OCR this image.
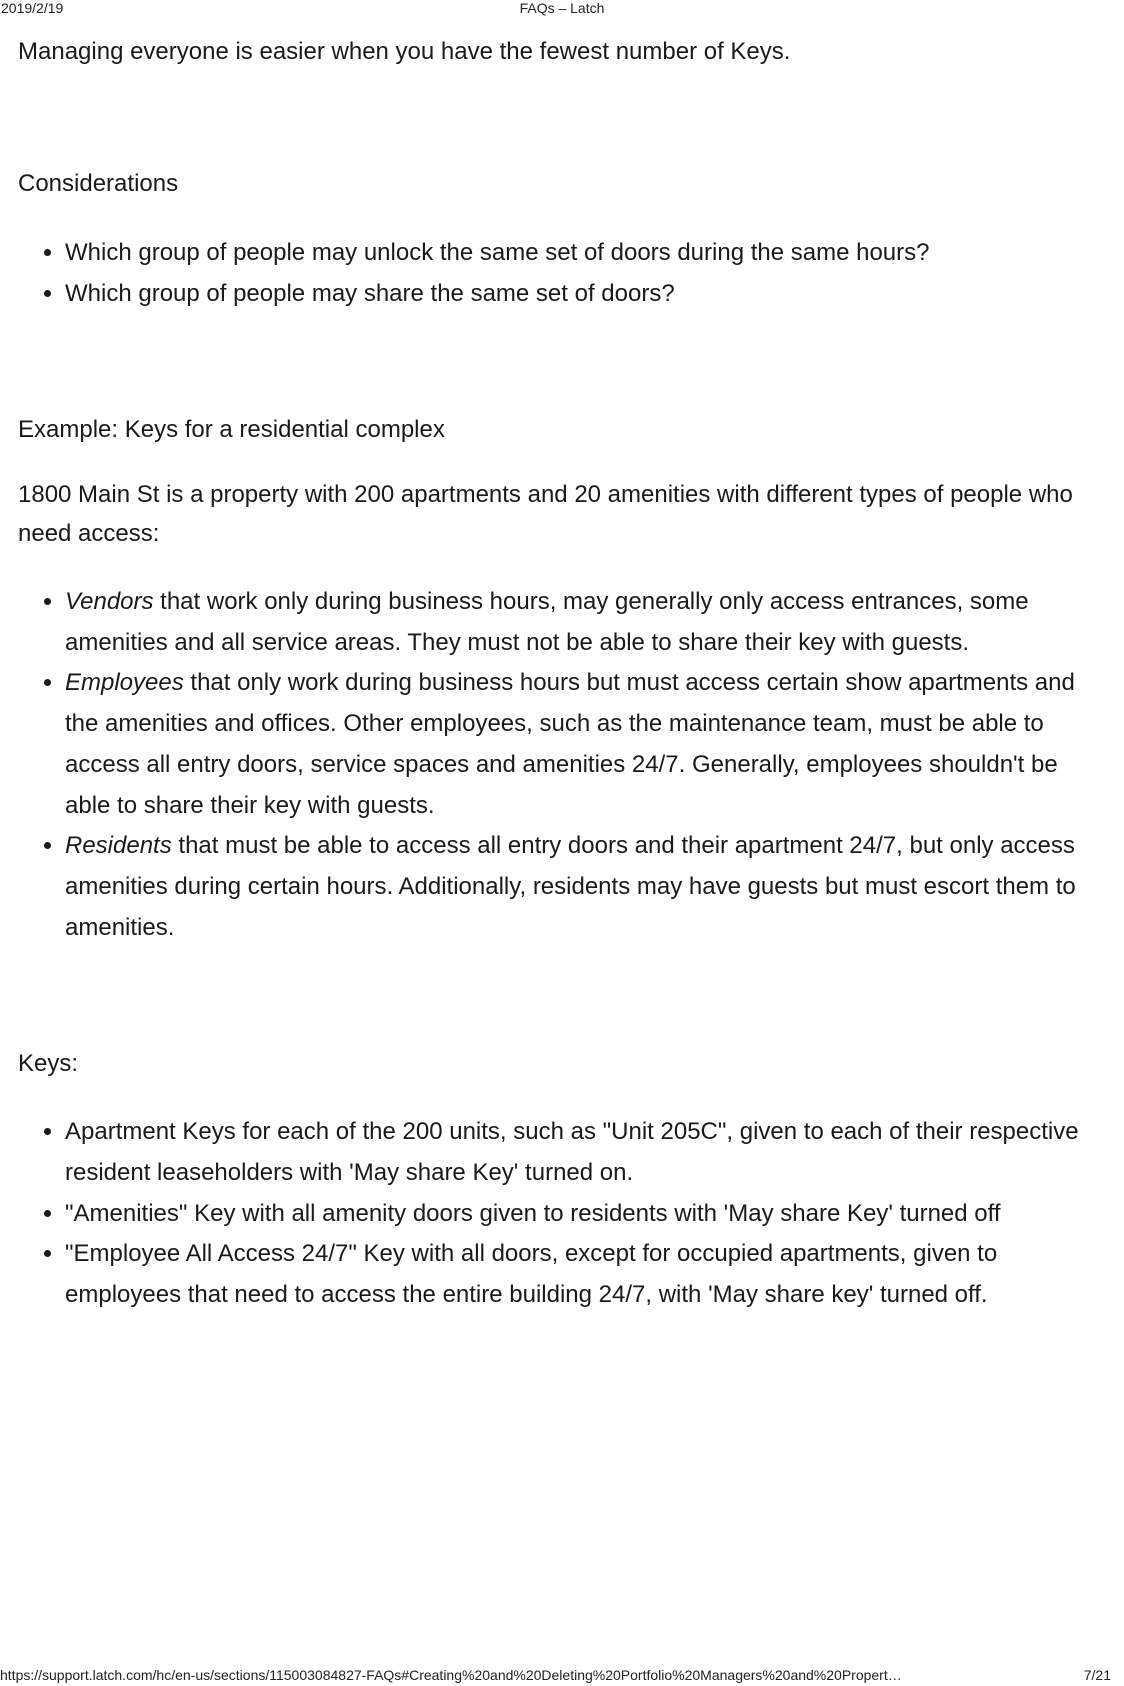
2019/2/19	FAQs – Latch

Managing everyone is easier when you have the fewest number of Keys.

Considerations

• Which group of people may unlock the same set of doors during the same hours?
• Which group of people may share the same set of doors?

Example: Keys for a residential complex

1800 Main St is a property with 200 apartments and 20 amenities with different types of people who need access:

• Vendors that work only during business hours, may generally only access entrances, some amenities and all service areas. They must not be able to share their key with guests.
• Employees that only work during business hours but must access certain show apartments and the amenities and offices. Other employees, such as the maintenance team, must be able to access all entry doors, service spaces and amenities 24/7. Generally, employees shouldn't be able to share their key with guests.
• Residents that must be able to access all entry doors and their apartment 24/7, but only access amenities during certain hours. Additionally, residents may have guests but must escort them to amenities.

Keys:

• Apartment Keys for each of the 200 units, such as "Unit 205C", given to each of their respective resident leaseholders with 'May share Key' turned on.
• "Amenities" Key with all amenity doors given to residents with 'May share Key' turned off
• "Employee All Access 24/7" Key with all doors, except for occupied apartments, given to employees that need to access the entire building 24/7, with 'May share key' turned off.
https://support.latch.com/hc/en-us/sections/115003084827-FAQs#Creating%20and%20Deleting%20Portfolio%20Managers%20and%20Propert…	7/21
